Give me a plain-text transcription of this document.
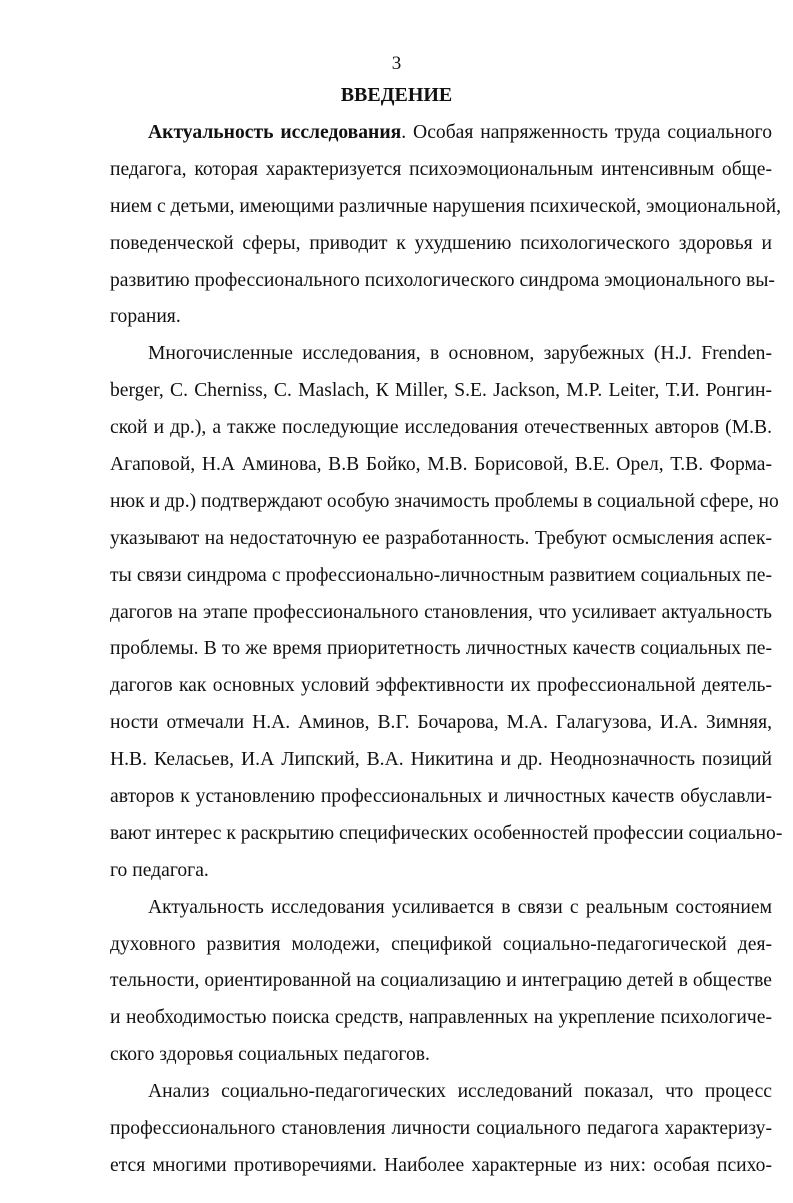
3
ВВЕДЕНИЕ
Актуальность исследования. Особая напряженность труда социального
педагога, которая характеризуется психоэмоциональным интенсивным обще-
нием с детьми, имеющими различные нарушения психической, эмоциональной,
поведенческой сферы, приводит к ухудшению психологического здоровья и
развитию профессионального психологического синдрома эмоционального вы-
горания.
Многочисленные исследования, в основном, зарубежных (H.J. Frenden-
berger, C. Cherniss, C. Maslach, К Miller, S.E. Jackson, M.P. Leiter, Т.И. Ронгин-
ской и др.), а также последующие исследования отечественных авторов (М.В.
Агаповой, Н.А Аминова, В.В Бойко, М.В. Борисовой, В.Е. Орел, Т.В. Форма-
нюк и др.) подтверждают особую значимость проблемы в социальной сфере, но
указывают на недостаточную ее разработанность. Требуют осмысления аспек-
ты связи синдрома с профессионально-личностным развитием социальных пе-
дагогов на этапе профессионального становления, что усиливает актуальность
проблемы. В то же время приоритетность личностных качеств социальных пе-
дагогов как основных условий эффективности их профессиональной деятель-
ности отмечали Н.А. Аминов, В.Г. Бочарова, М.А. Галагузова, И.А. Зимняя,
Н.В. Келасьев, И.А Липский, В.А. Никитина и др. Неоднозначность позиций
авторов к установлению профессиональных и личностных качеств обуславли-
вают интерес к раскрытию специфических особенностей профессии социально-
го педагога.
Актуальность исследования усиливается в связи с реальным состоянием
духовного развития молодежи, спецификой социально-педагогической дея-
тельности, ориентированной на социализацию и интеграцию детей в обществе
и необходимостью поиска средств, направленных на укрепление психологиче-
ского здоровья социальных педагогов.
Анализ социально-педагогических исследований показал, что процесс
профессионального становления личности социального педагога характеризу-
ется многими противоречиями. Наиболее характерные из них: особая психо-
